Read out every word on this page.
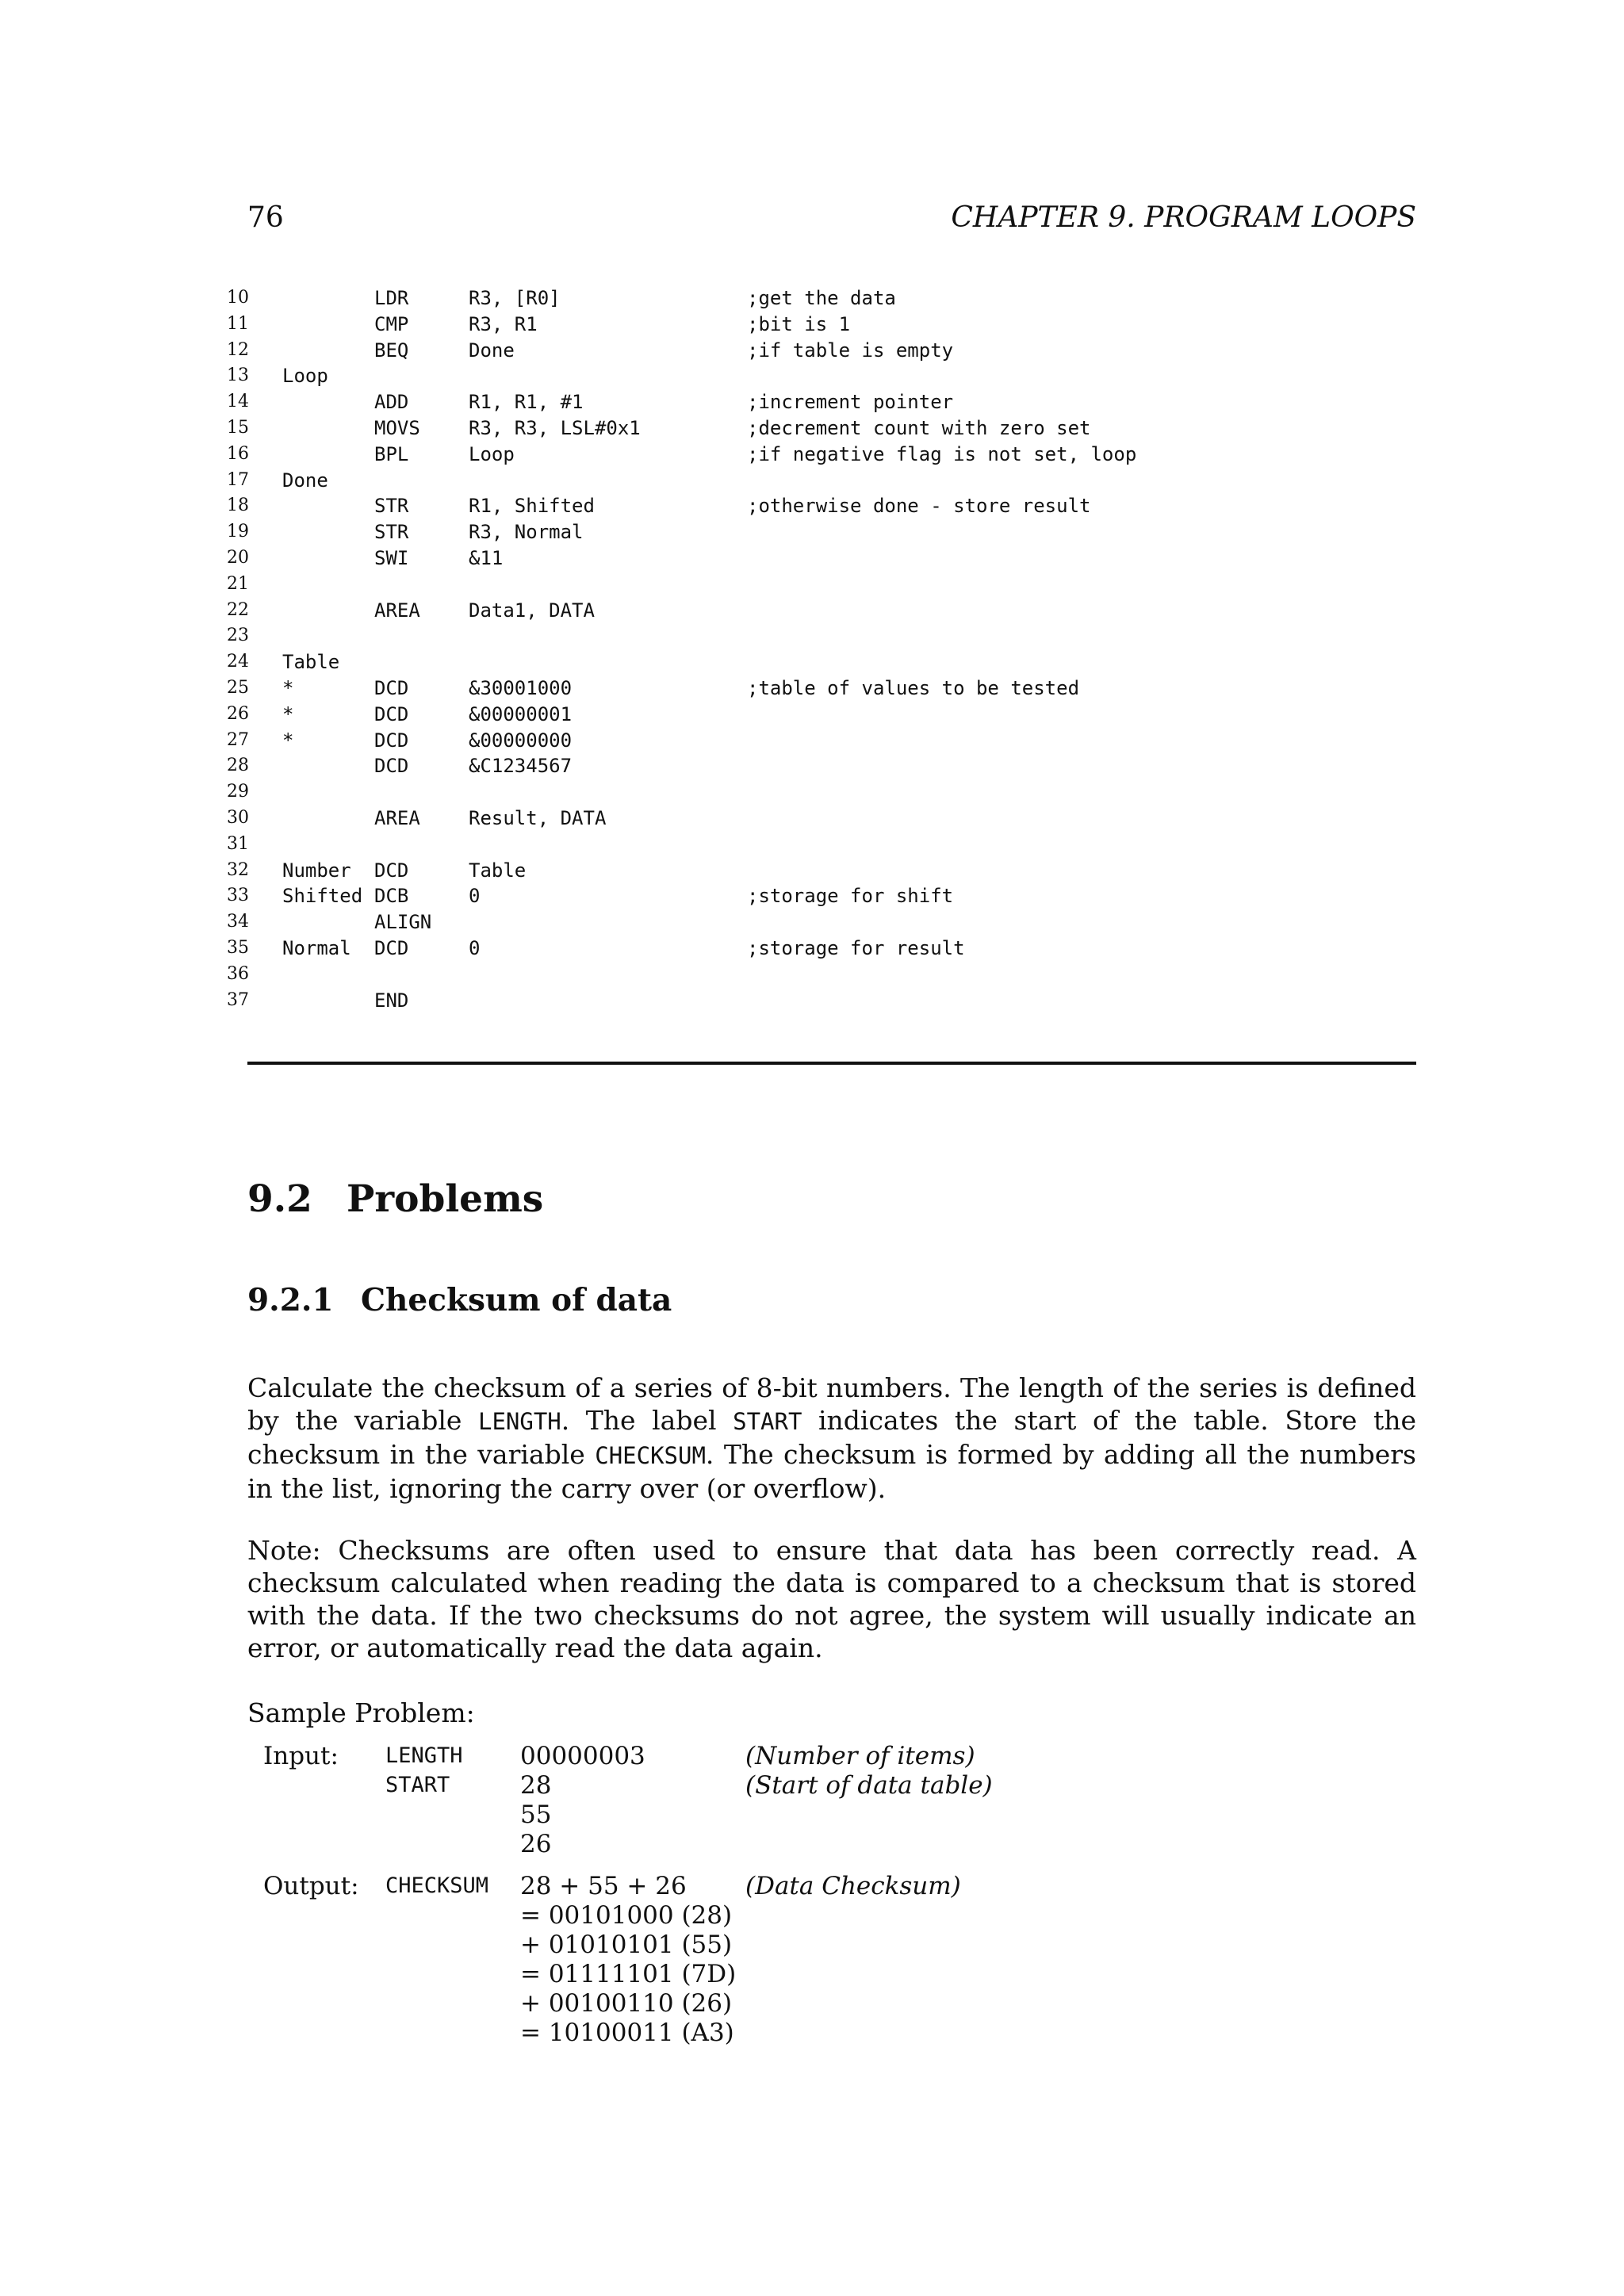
76	CHAPTER 9. PROGRAM LOOPS
10	LDR	R3, [R0]	;get the data
11	CMP	R3, R1	;bit is 1
12	BEQ	Done	;if table is empty
13 Loop
14	ADD	R1, R1, #1	;increment pointer
15	MOVS	R3, R3, LSL#0x1	;decrement count with zero set
16	BPL	Loop	;if negative flag is not set, loop
17 Done
18	STR	R1, Shifted	;otherwise done - store result
19	STR	R3, Normal
20	SWI	&11
21
22	AREA	Data1, DATA
23
24 Table
25 *	DCD	&30001000	;table of values to be tested
26 *	DCD	&00000001
27 *	DCD	&00000000
28	DCD	&C1234567
29
30	AREA	Result, DATA
31
32 Number DCD	Table
33 Shifted DCB	0	;storage for shift
34	ALIGN
35 Normal DCD	0	;storage for result
36
37	END
9.2 Problems
9.2.1 Checksum of data

Calculate the checksum of a series of 8-bit numbers. The length of the series is defined by the variable LENGTH. The label START indicates the start of the table. Store the checksum in the variable CHECKSUM. The checksum is formed by adding all the numbers in the list, ignoring the carry over (or overflow).

Note: Checksums are often used to ensure that data has been correctly read. A checksum calculated when reading the data is compared to a checksum that is stored with the data. If the two checksums do not agree, the system will usually indicate an error, or automatically read the data again.

Sample Problem:

Input: LENGTH 00000003	(Number of items)
START	28	(Start of data table)
55
26
Output: CHECKSUM 28 + 55 + 26 (Data Checksum)
= 00101000 (28)
+ 01010101 (55)
= 01111101 (7D)
+ 00100110 (26)
= 10100011 (A3)
